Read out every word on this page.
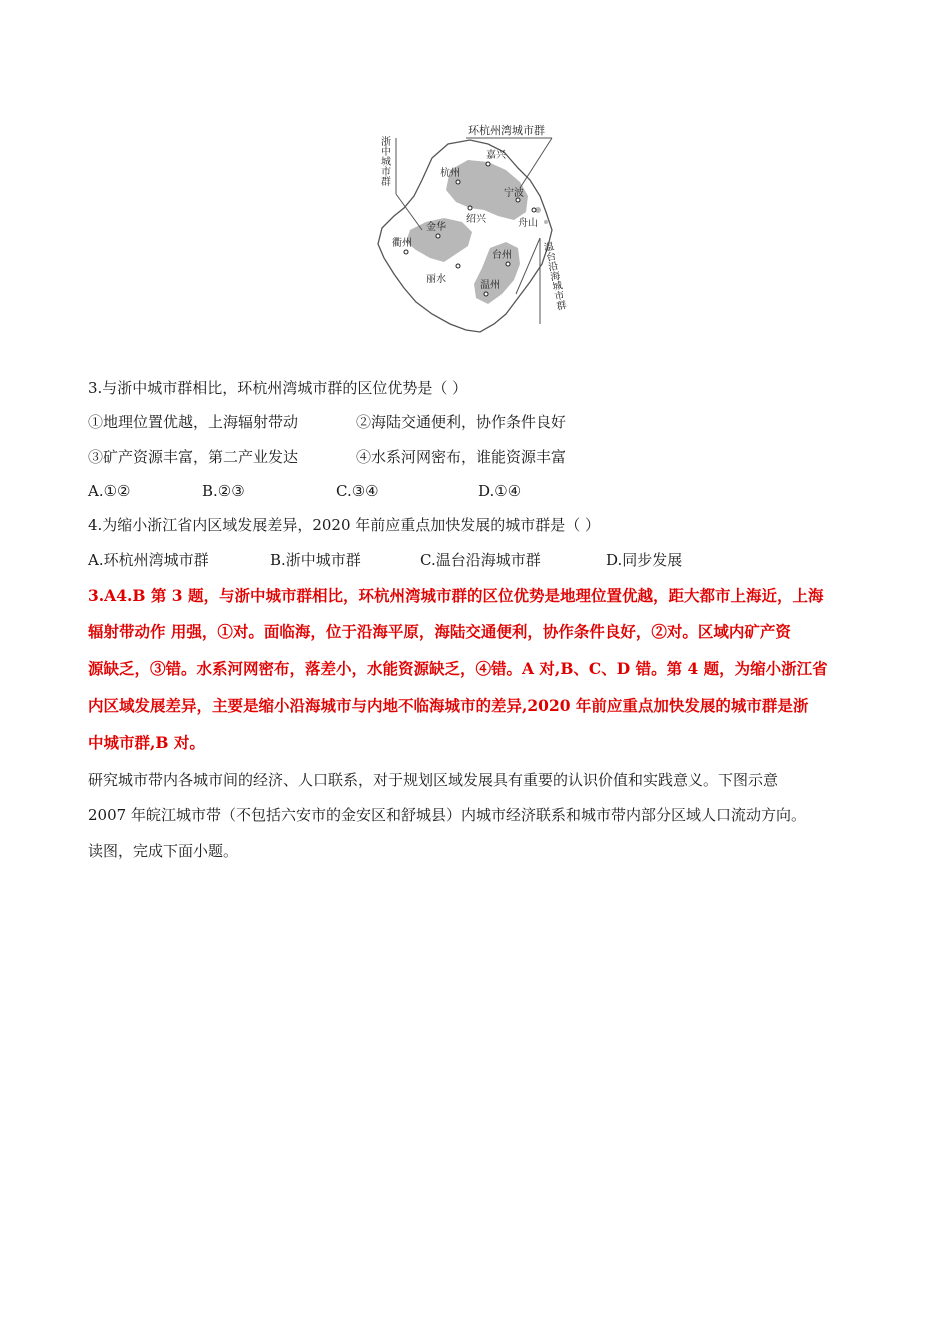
浙中城市群
环杭州湾城市群
温台沿海城市群
嘉兴
杭州
宁波
绍兴	舟山
金华
衢州
台州
丽水
温州
3.与浙中城市群相比，环杭州湾城市群的区位优势是（ ）
①地理位置优越，上海辐射带动	②海陆交通便利，协作条件良好
③矿产资源丰富，第二产业发达	④水系河网密布，谁能资源丰富
A.①②	B.②③	C.③④	D.①④
4.为缩小浙江省内区域发展差异，2020 年前应重点加快发展的城市群是（ ）
A.环杭州湾城市群	B.浙中城市群	C.温台沿海城市群	D.同步发展
3.A4.B 第 3 题，与浙中城市群相比，环杭州湾城市群的区位优势是地理位置优越，距大都市上海近，上海
辐射带动作 用强，①对。面临海，位于沿海平原，海陆交通便利，协作条件良好，②对。区域内矿产资
源缺乏，③错。水系河网密布，落差小，水能资源缺乏，④错。A 对,B、C、D 错。第 4 题，为缩小浙江省
内区域发展差异，主要是缩小沿海城市与内地不临海城市的差异,2020 年前应重点加快发展的城市群是浙
中城市群,B 对。
研究城市带内各城市间的经济、人口联系，对于规划区域发展具有重要的认识价值和实践意义。下图示意
2007 年皖江城市带（不包括六安市的金安区和舒城县）内城市经济联系和城市带内部分区域人口流动方向。
读图，完成下面小题。
